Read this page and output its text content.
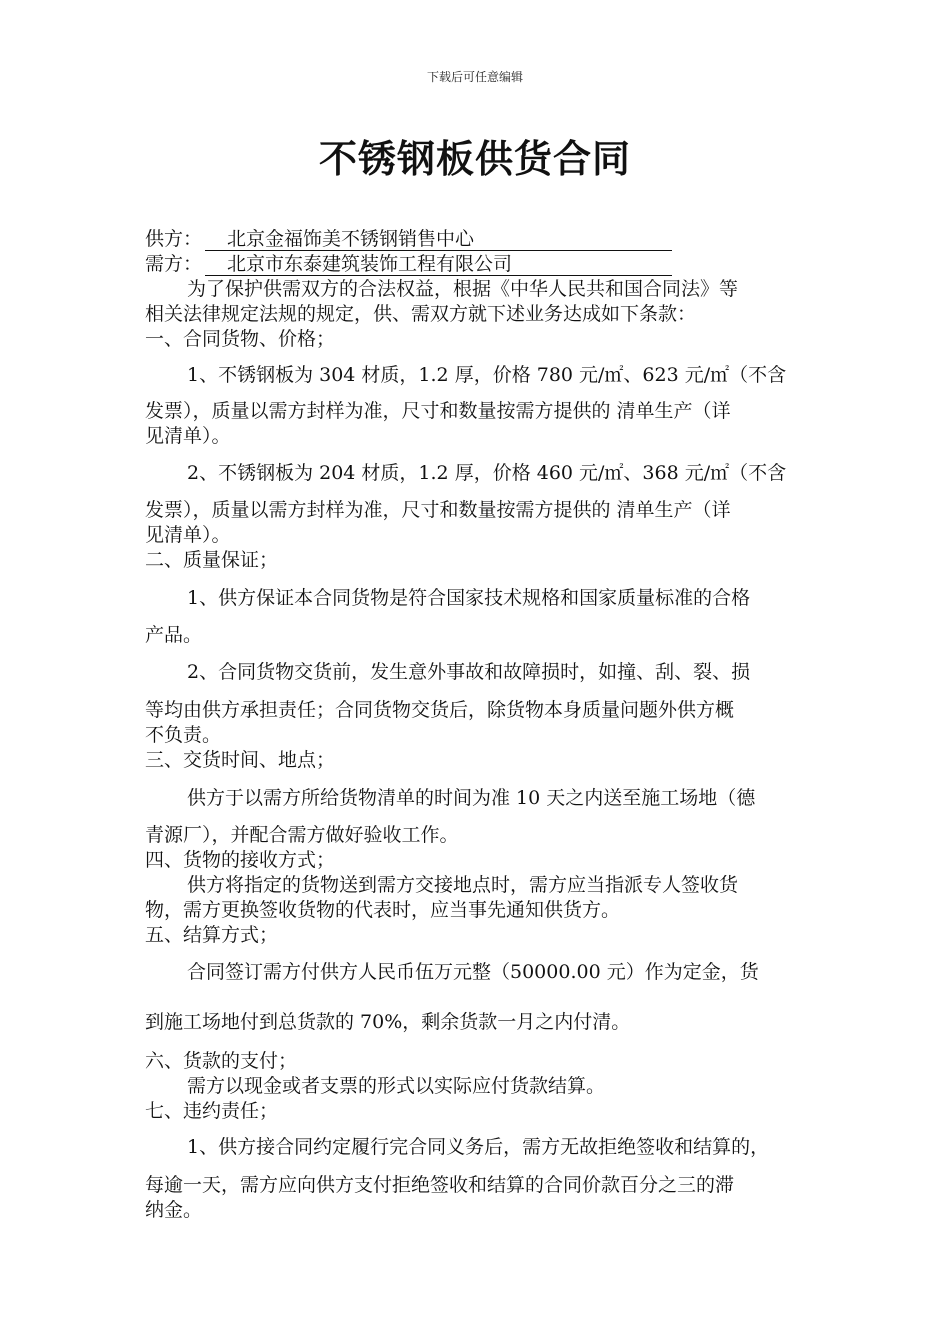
下载后可任意编辑
不锈钢板供货合同
供方： 北京金福饰美不锈钢销售中心
需方： 北京市东泰建筑装饰工程有限公司
为了保护供需双方的合法权益，根据《中华人民共和国合同法》等
相关法律规定法规的规定，供、需双方就下述业务达成如下条款：
一、合同货物、价格；
1、不锈钢板为 304 材质，1.2 厚，价格 780 元/㎡、623 元/㎡（不含
发票），质量以需方封样为准，尺寸和数量按需方提供的 清单生产（详
见清单）。
2、不锈钢板为 204 材质，1.2 厚，价格 460 元/㎡、368 元/㎡（不含
发票），质量以需方封样为准，尺寸和数量按需方提供的 清单生产（详
见清单）。
二、质量保证；
1、供方保证本合同货物是符合国家技术规格和国家质量标准的合格
产品。
2、合同货物交货前，发生意外事故和故障损时，如撞、刮、裂、损
等均由供方承担责任；合同货物交货后，除货物本身质量问题外供方概
不负责。
三、交货时间、地点；
供方于以需方所给货物清单的时间为准 10 天之内送至施工场地（德
青源厂），并配合需方做好验收工作。
四、货物的接收方式；
供方将指定的货物送到需方交接地点时，需方应当指派专人签收货
物，需方更换签收货物的代表时，应当事先通知供货方。
五、结算方式；
合同签订需方付供方人民币伍万元整（50000.00 元）作为定金，货
到施工场地付到总货款的 70%，剩余货款一月之内付清。
六、货款的支付；
需方以现金或者支票的形式以实际应付货款结算。
七、违约责任；
1、供方接合同约定履行完合同义务后，需方无故拒绝签收和结算的，
每逾一天，需方应向供方支付拒绝签收和结算的合同价款百分之三的滞
纳金。
